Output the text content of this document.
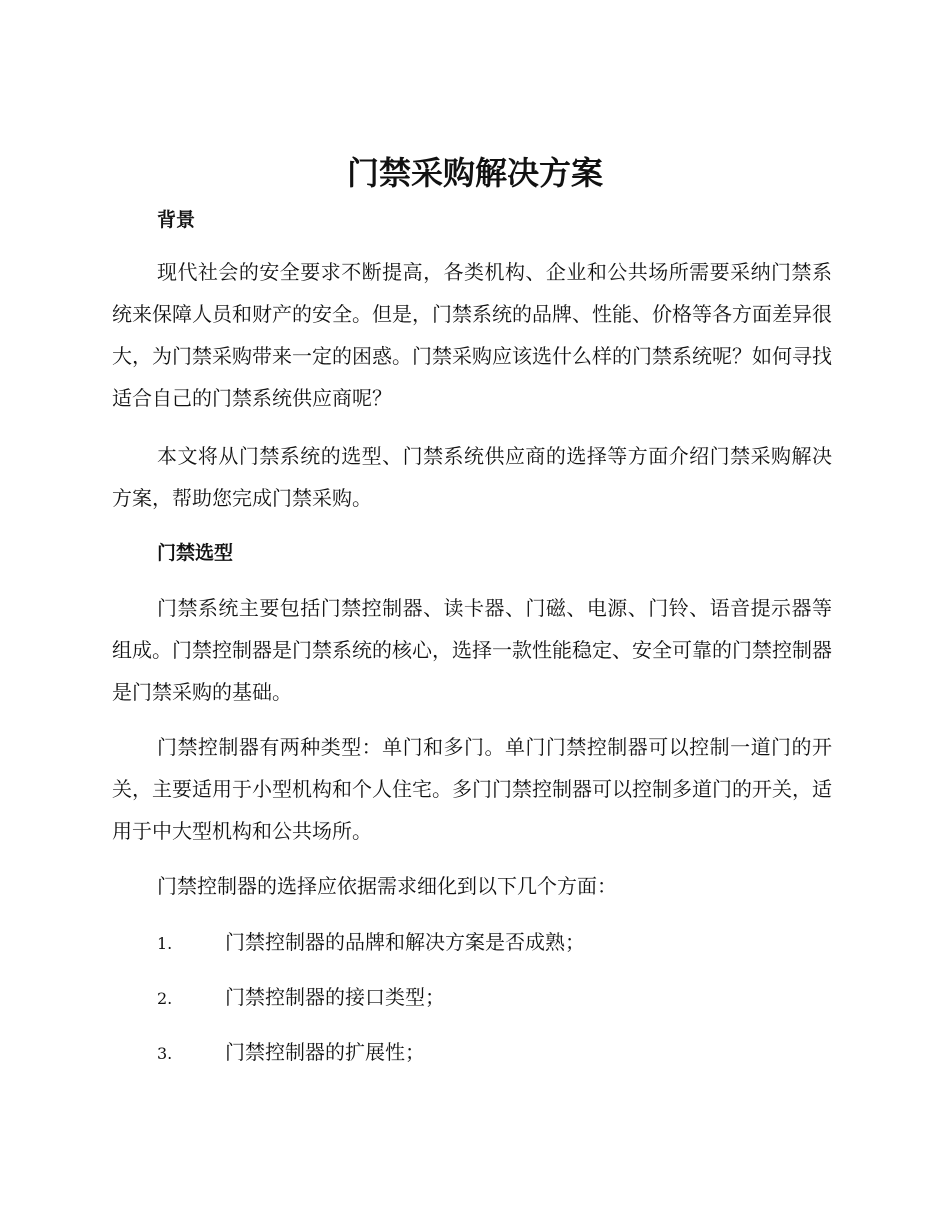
门禁采购解决方案
背景

现代社会的安全要求不断提高，各类机构、企业和公共场所需要采纳门禁系统来保障人员和财产的安全。但是，门禁系统的品牌、性能、价格等各方面差异很大，为门禁采购带来一定的困惑。门禁采购应该选什么样的门禁系统呢？如何寻找适合自己的门禁系统供应商呢？

本文将从门禁系统的选型、门禁系统供应商的选择等方面介绍门禁采购解决方案，帮助您完成门禁采购。

门禁选型

门禁系统主要包括门禁控制器、读卡器、门磁、电源、门铃、语音提示器等组成。门禁控制器是门禁系统的核心，选择一款性能稳定、安全可靠的门禁控制器是门禁采购的基础。

门禁控制器有两种类型：单门和多门。单门门禁控制器可以控制一道门的开关，主要适用于小型机构和个人住宅。多门门禁控制器可以控制多道门的开关，适用于中大型机构和公共场所。

门禁控制器的选择应依据需求细化到以下几个方面：

1.	门禁控制器的品牌和解决方案是否成熟；
2.	门禁控制器的接口类型；
3.	门禁控制器的扩展性；
